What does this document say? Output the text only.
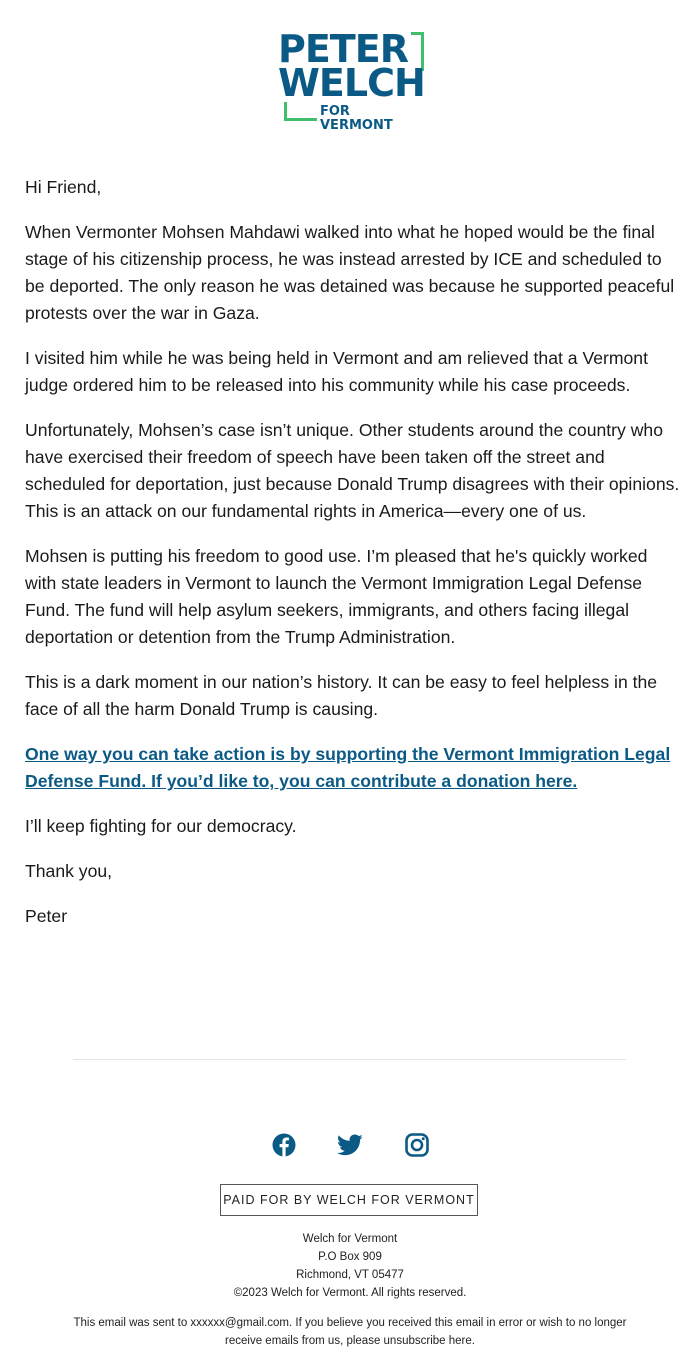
PETER
WELCH
FOR VERMONT

Hi Friend,

When Vermonter Mohsen Mahdawi walked into what he hoped would be the final stage of his citizenship process, he was instead arrested by ICE and scheduled to be deported. The only reason he was detained was because he supported peaceful protests over the war in Gaza.

I visited him while he was being held in Vermont and am relieved that a Vermont judge ordered him to be released into his community while his case proceeds.

Unfortunately, Mohsen’s case isn’t unique. Other students around the country who have exercised their freedom of speech have been taken off the street and scheduled for deportation, just because Donald Trump disagrees with their opinions. This is an attack on our fundamental rights in America—every one of us.

Mohsen is putting his freedom to good use. I’m pleased that he's quickly worked with state leaders in Vermont to launch the Vermont Immigration Legal Defense Fund. The fund will help asylum seekers, immigrants, and others facing illegal deportation or detention from the Trump Administration.

This is a dark moment in our nation’s history. It can be easy to feel helpless in the face of all the harm Donald Trump is causing.

One way you can take action is by supporting the Vermont Immigration Legal Defense Fund. If you’d like to, you can contribute a donation here.

I’ll keep fighting for our democracy.

Thank you,

Peter

PAID FOR BY WELCH FOR VERMONT
Welch for Vermont
P.O Box 909
Richmond, VT 05477
©2023 Welch for Vermont. All rights reserved.
This email was sent to xxxxxx@gmail.com. If you believe you received this email in error or wish to no longer receive emails from us, please unsubscribe here.
